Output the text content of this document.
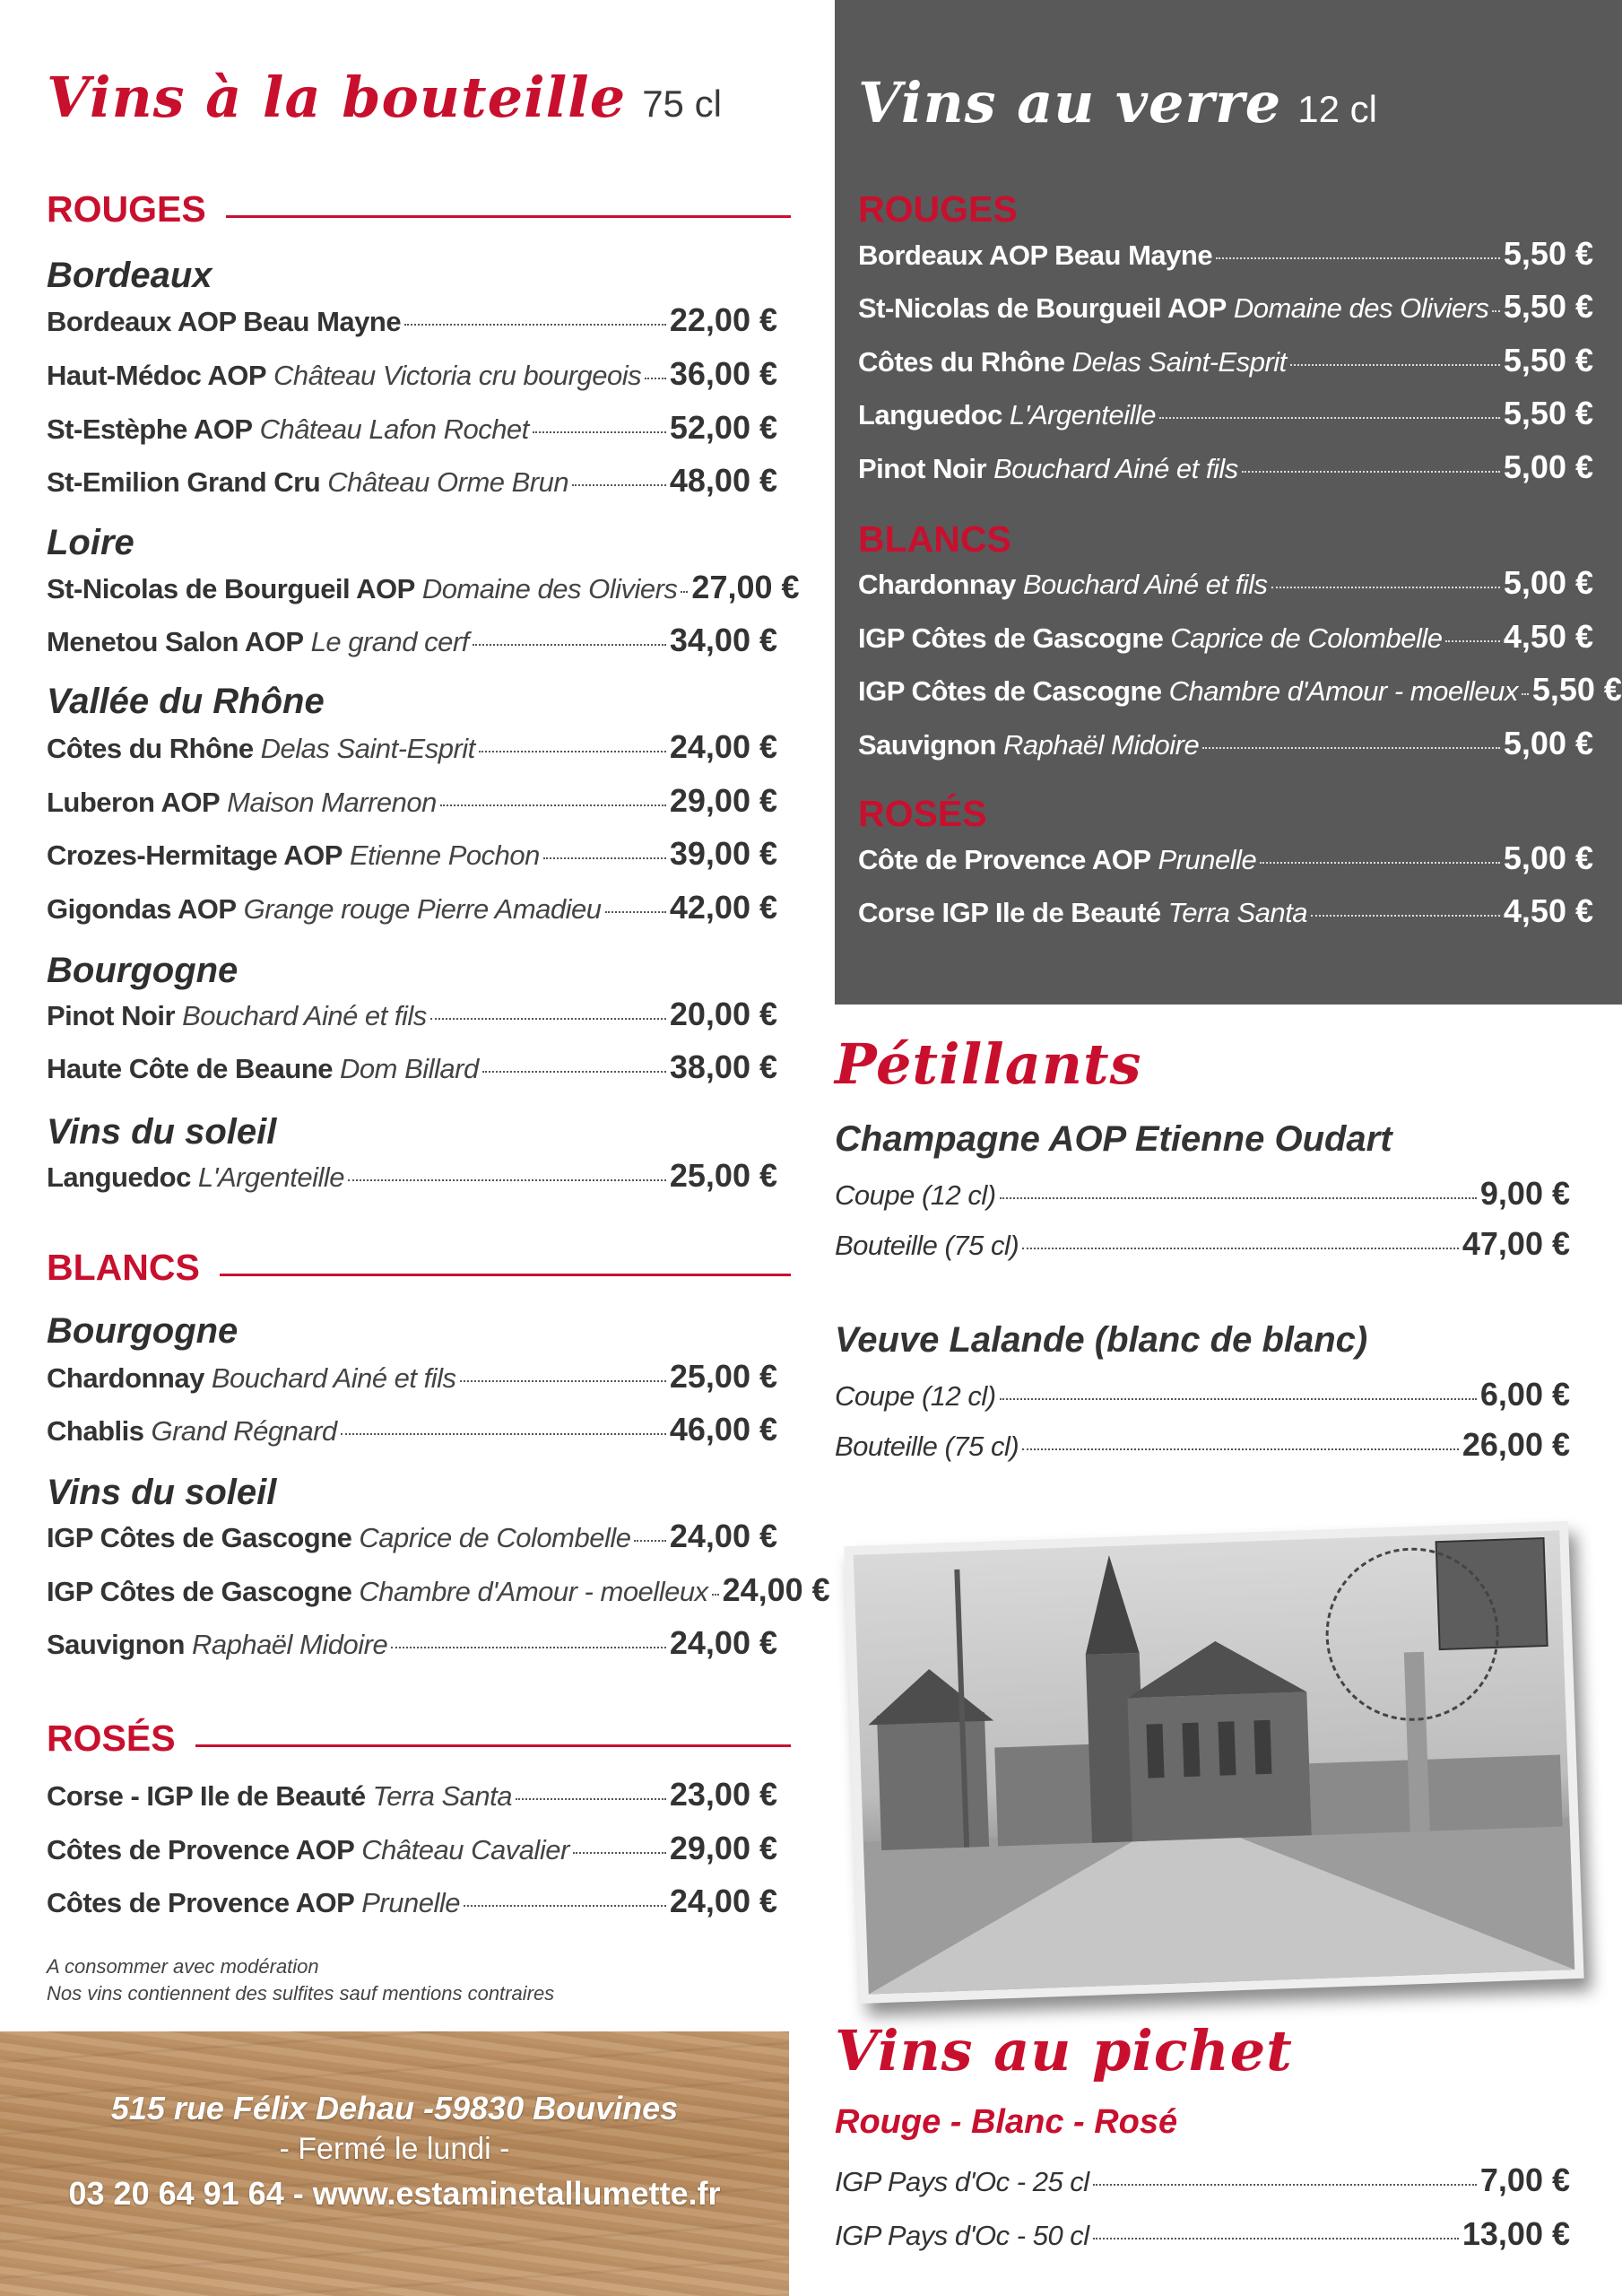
Vins à la bouteille 75 cl
ROUGES
Bordeaux
Bordeaux AOP Beau Mayne	22,00 €
Haut-Médoc AOP Château Victoria cru bourgeois 36,00 €
St-Estèphe AOP Château Lafon Rochet	52,00 €
St-Emilion Grand Cru Château Orme Brun	48,00 €
Loire
St-Nicolas de Bourgueil AOP Domaine des Oliviers 27,00 €
Menetou Salon AOP Le grand cerf	34,00 €
Vallée du Rhône
Côtes du Rhône Delas Saint-Esprit	24,00 €
Luberon AOP Maison Marrenon	29,00 €
Crozes-Hermitage AOP Etienne Pochon	39,00 €
Gigondas AOP Grange rouge Pierre Amadieu 42,00 €
Bourgogne
Pinot Noir Bouchard Ainé et fils	20,00 €
Haute Côte de Beaune Dom Billard	38,00 €
Vins du soleil
Languedoc L'Argenteille	25,00 €
BLANCS
Bourgogne
Chardonnay Bouchard Ainé et fils	25,00 €
Chablis Grand Régnard	46,00 €
Vins du soleil
IGP Côtes de Gascogne Caprice de Colombelle 24,00 €
IGP Côtes de Gascogne Chambre d'Amour - moelleux 24,00 €
Sauvignon Raphaël Midoire	24,00 €
ROSÉS
Corse - IGP Ile de Beauté Terra Santa	23,00 €
Côtes de Provence AOP Château Cavalier	29,00 €
Côtes de Provence AOP Prunelle	24,00 €
A consommer avec modération
Nos vins contiennent des sulfites sauf mentions contraires
515 rue Félix Dehau -59830 Bouvines
- Fermé le lundi -
03 20 64 91 64 - www.estaminetallumette.fr
Vins au verre 12 cl
ROUGES
BLANCS
ROSÉS
Bordeaux AOP Beau Mayne	5,50 €
St-Nicolas de Bourgueil AOP Domaine des Oliviers 5,50 €
Côtes du Rhône Delas Saint-Esprit	5,50 €
Languedoc L'Argenteille	5,50 €
Pinot Noir Bouchard Ainé et fils	5,00 €
Chardonnay Bouchard Ainé et fils	5,00 €
IGP Côtes de Gascogne Caprice de Colombelle 4,50 €
IGP Côtes de Cascogne Chambre d'Amour - moelleux 5,50 €
Sauvignon Raphaël Midoire	5,00 €
Côte de Provence AOP Prunelle	5,00 €
Corse IGP Ile de Beauté Terra Santa	4,50 €
Pétillants
Champagne AOP Etienne Oudart
Veuve Lalande (blanc de blanc)
Coupe (12 cl)	9,00 €
Bouteille (75 cl)	47,00 €
Coupe (12 cl)	6,00 €
Bouteille (75 cl)	26,00 €
Vins au pichet
Rouge - Blanc - Rosé
IGP Pays d'Oc - 25 cl	7,00 €
IGP Pays d'Oc - 50 cl	13,00 €
